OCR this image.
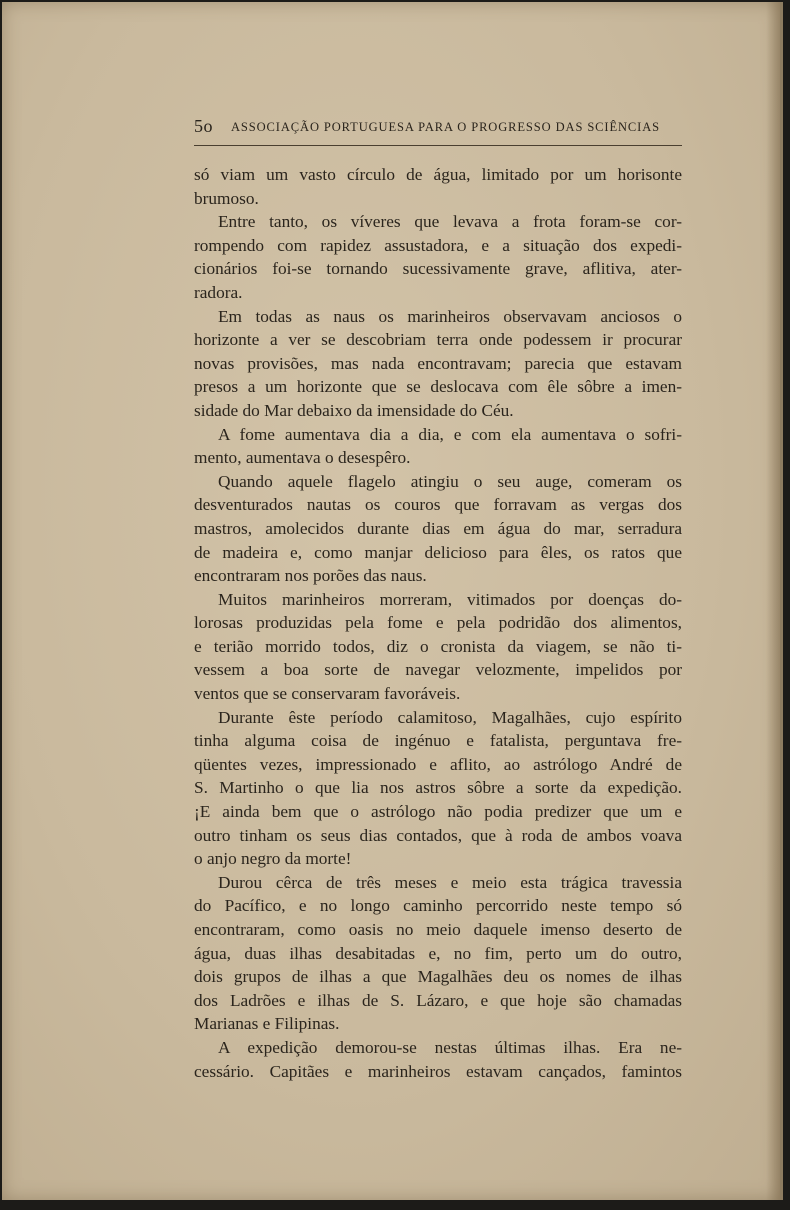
5o ASSOCIAÇÃO PORTUGUESA PARA O PROGRESSO DAS SCIÊNCIAS
só viam um vasto círculo de água, limitado por um horisonte
brumoso.
Entre tanto, os víveres que levava a frota foram-se cor-
rompendo com rapidez assustadora, e a situação dos expedi-
cionários foi-se tornando sucessivamente grave, aflitiva, ater-
radora.
Em todas as naus os marinheiros observavam anciosos o
horizonte a ver se descobriam terra onde podessem ir procurar
novas provisões, mas nada encontravam; parecia que estavam
presos a um horizonte que se deslocava com êle sôbre a imen-
sidade do Mar debaixo da imensidade do Céu.
A fome aumentava dia a dia, e com ela aumentava o sofri-
mento, aumentava o desespêro.
Quando aquele flagelo atingiu o seu auge, comeram os
desventurados nautas os couros que forravam as vergas dos
mastros, amolecidos durante dias em água do mar, serradura
de madeira e, como manjar delicioso para êles, os ratos que
encontraram nos porões das naus.
Muitos marinheiros morreram, vitimados por doenças do-
lorosas produzidas pela fome e pela podridão dos alimentos,
e terião morrido todos, diz o cronista da viagem, se não ti-
vessem a boa sorte de navegar velozmente, impelidos por
ventos que se conservaram favoráveis.
Durante êste período calamitoso, Magalhães, cujo espírito
tinha alguma coisa de ingénuo e fatalista, perguntava fre-
qüentes vezes, impressionado e aflito, ao astrólogo André de
S. Martinho o que lia nos astros sôbre a sorte da expedição.
¡E ainda bem que o astrólogo não podia predizer que um e
outro tinham os seus dias contados, que à roda de ambos voava
o anjo negro da morte!
Durou cêrca de três meses e meio esta trágica travessia
do Pacífico, e no longo caminho percorrido neste tempo só
encontraram, como oasis no meio daquele imenso deserto de
água, duas ilhas desabitadas e, no fim, perto um do outro,
dois grupos de ilhas a que Magalhães deu os nomes de ilhas
dos Ladrões e ilhas de S. Lázaro, e que hoje são chamadas
Marianas e Filipinas.
A expedição demorou-se nestas últimas ilhas. Era ne-
cessário. Capitães e marinheiros estavam cançados, famintos
